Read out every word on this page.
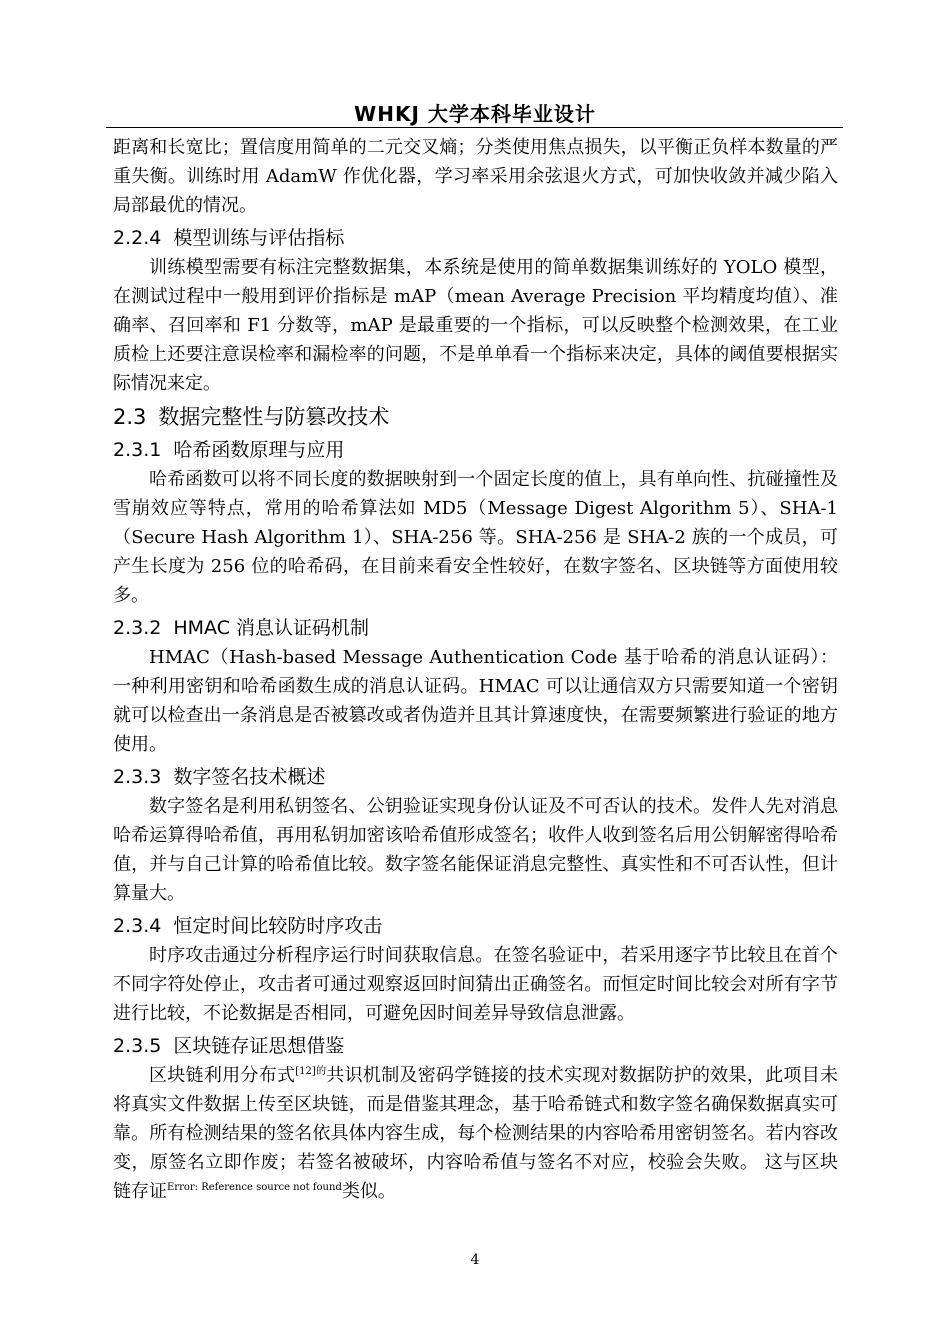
WHKJ 大学本科毕业设计

距离和长宽比；置信度用简单的二元交叉熵；分类使用焦点损失，以平衡正负样本数量的严重失衡。训练时用 AdamW 作优化器，学习率采用余弦退火方式，可加快收敛并减少陷入局部最优的情况。

2.2.4 模型训练与评估指标

训练模型需要有标注完整数据集，本系统是使用的简单数据集训练好的 YOLO 模型，在测试过程中一般用到评价指标是 mAP（mean Average Precision 平均精度均值）、准确率、召回率和 F1 分数等，mAP 是最重要的一个指标，可以反映整个检测效果，在工业质检上还要注意误检率和漏检率的问题，不是单单看一个指标来决定，具体的阈值要根据实际情况来定。

2.3 数据完整性与防篡改技术
2.3.1 哈希函数原理与应用

哈希函数可以将不同长度的数据映射到一个固定长度的值上，具有单向性、抗碰撞性及雪崩效应等特点，常用的哈希算法如 MD5（Message Digest Algorithm 5）、SHA-1（Secure Hash Algorithm 1）、SHA-256 等。SHA-256 是 SHA-2 族的一个成员，可产生长度为 256 位的哈希码，在目前来看安全性较好，在数字签名、区块链等方面使用较多。

2.3.2 HMAC 消息认证码机制

HMAC（Hash-based Message Authentication Code 基于哈希的消息认证码）：一种利用密钥和哈希函数生成的消息认证码。HMAC 可以让通信双方只需要知道一个密钥就可以检查出一条消息是否被篡改或者伪造并且其计算速度快，在需要频繁进行验证的地方使用。

2.3.3 数字签名技术概述

数字签名是利用私钥签名、公钥验证实现身份认证及不可否认的技术。发件人先对消息哈希运算得哈希值，再用私钥加密该哈希值形成签名；收件人收到签名后用公钥解密得哈希值，并与自己计算的哈希值比较。数字签名能保证消息完整性、真实性和不可否认性，但计算量大。

2.3.4 恒定时间比较防时序攻击

时序攻击通过分析程序运行时间获取信息。在签名验证中，若采用逐字节比较且在首个不同字符处停止，攻击者可通过观察返回时间猜出正确签名。而恒定时间比较会对所有字节进行比较，不论数据是否相同，可避免因时间差异导致信息泄露。

2.3.5 区块链存证思想借鉴

区块链利用分布式$^{[12]的}$共识机制及密码学链接的技术实现对数据防护的效果，此项目未将真实文件数据上传至区块链，而是借鉴其理念，基于哈希链式和数字签名确保数据真实可靠。所有检测结果的签名依具体内容生成，每个检测结果的内容哈希用密钥签名。若内容改变，原签名立即作废；若签名被破坏，内容哈希值与签名不对应，校验会失败。 这与区块链存证$^{Error: Reference source not found}$类似。

4
